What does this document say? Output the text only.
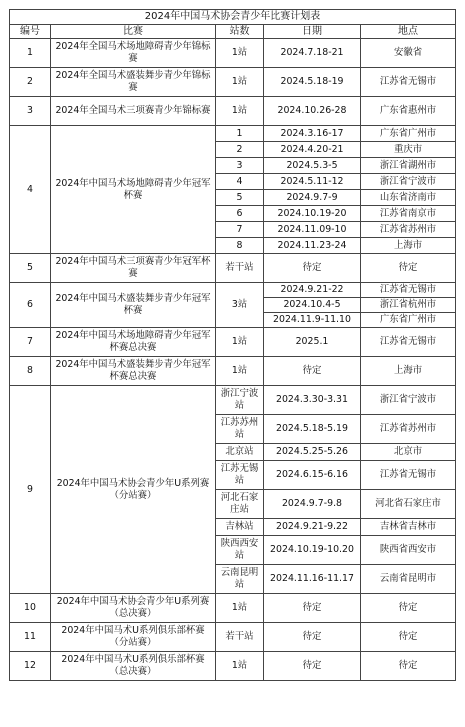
2024年中国马术协会青少年比赛计划表				
编号	比赛	站数	日期	地点
1	2024年全国马术场地障碍青少年锦标赛	1站	2024.7.18-21	安徽省
2	2024年全国马术盛装舞步青少年锦标赛	1站	2024.5.18-19	江苏省无锡市
3	2024年全国马术三项赛青少年锦标赛	1站	2024.10.26-28	广东省惠州市
4	2024年中国马术场地障碍青少年冠军杯赛	1	2024.3.16-17	广东省广州市
		2	2024.4.20-21	重庆市
		3	2024.5.3-5	浙江省湖州市
		4	2024.5.11-12	浙江省宁波市
		5	2024.9.7-9	山东省济南市
		6	2024.10.19-20	江苏省南京市
		7	2024.11.09-10	江苏省苏州市
		8	2024.11.23-24	上海市
5	2024年中国马术三项赛青少年冠军杯赛	若干站	待定	待定
6	2024年中国马术盛装舞步青少年冠军杯赛	3站	2024.9.21-22	江苏省无锡市
			2024.10.4-5	浙江省杭州市
			2024.11.9-11.10	广东省广州市
7	2024年中国马术场地障碍青少年冠军杯赛总决赛	1站	2025.1	江苏省无锡市
8	2024年中国马术盛装舞步青少年冠军杯赛总决赛	1站	待定	上海市
9	2024年中国马术协会青少年U系列赛（分站赛）	浙江宁波站	2024.3.30-3.31	浙江省宁波市
		江苏苏州站	2024.5.18-5.19	江苏省苏州市
		北京站	2024.5.25-5.26	北京市
		江苏无锡站	2024.6.15-6.16	江苏省无锡市
		河北石家庄站	2024.9.7-9.8	河北省石家庄市
		吉林站	2024.9.21-9.22	吉林省吉林市
		陕西西安站	2024.10.19-10.20	陕西省西安市
		云南昆明站	2024.11.16-11.17	云南省昆明市
10	2024年中国马术协会青少年U系列赛（总决赛）	1站	待定	待定
11	2024年中国马术U系列俱乐部杯赛（分站赛）	若干站	待定	待定
12	2024年中国马术U系列俱乐部杯赛（总决赛）	1站	待定	待定
